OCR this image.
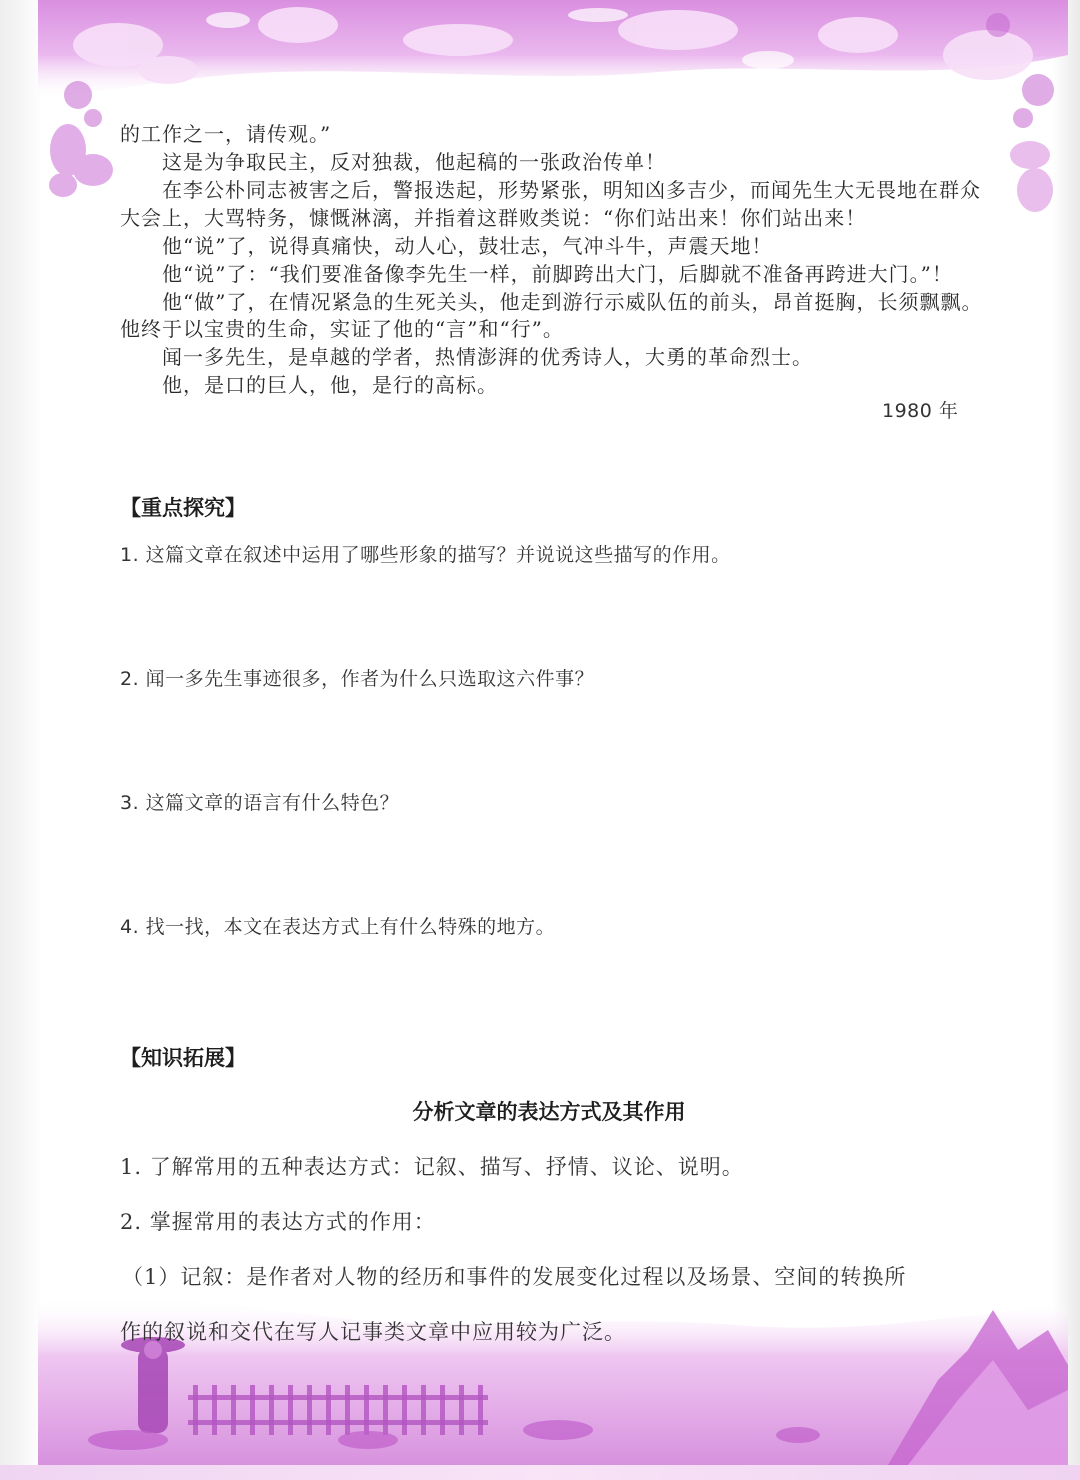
的工作之一，请传观。”
这是为争取民主，反对独裁，他起稿的一张政治传单！
在李公朴同志被害之后，警报迭起，形势紧张，明知凶多吉少，而闻先生大无畏地在群众
大会上，大骂特务，慷慨淋漓，并指着这群败类说：“你们站出来！你们站出来！
他“说”了，说得真痛快，动人心，鼓壮志，气冲斗牛，声震天地！
他“说”了：“我们要准备像李先生一样，前脚跨出大门，后脚就不准备再跨进大门。”！
他“做”了，在情况紧急的生死关头，他走到游行示威队伍的前头，昂首挺胸，长须飘飘。
他终于以宝贵的生命，实证了他的“言”和“行”。
闻一多先生，是卓越的学者，热情澎湃的优秀诗人，大勇的革命烈士。
他，是口的巨人，他，是行的高标。
1980 年
【重点探究】
1. 这篇文章在叙述中运用了哪些形象的描写？并说说这些描写的作用。
2. 闻一多先生事迹很多，作者为什么只选取这六件事？
3. 这篇文章的语言有什么特色？
4. 找一找，本文在表达方式上有什么特殊的地方。
【知识拓展】
分析文章的表达方式及其作用
1. 了解常用的五种表达方式：记叙、描写、抒情、议论、说明。
2. 掌握常用的表达方式的作用：
（1）记叙：是作者对人物的经历和事件的发展变化过程以及场景、空间的转换所
作的叙说和交代在写人记事类文章中应用较为广泛。
